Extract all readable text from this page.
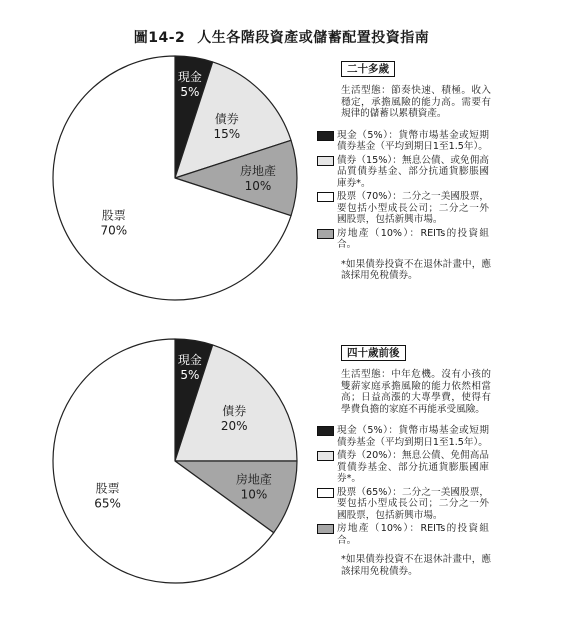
圖14-2 人生各階段資產或儲蓄配置投資指南
現金
5%
債券
15%
房地產
10%
股票
70%
現金
5%
債券
20%
房地產
10%
股票
65%
二十多歲
生活型態：節奏快速、積極。收入穩定，承擔風險的能力高。需要有規律的儲蓄以累積資產。
現金（5%）：貨幣市場基金或短期債券基金（平均到期日1至1.5年）。
債券（15%）：無息公債、或免佣高品質債券基金、部分抗通貨膨脹國庫券*。
股票（70%）：二分之一美國股票，要包括小型成長公司；二分之一外國股票，包括新興市場。
房地產（10%）：REITs的投資組合。
*如果債券投資不在退休計畫中，應該採用免稅債券。
四十歲前後
生活型態：中年危機。沒有小孩的雙薪家庭承擔風險的能力依然相當高；日益高漲的大專學費，使得有學費負擔的家庭不再能承受風險。
現金（5%）：貨幣市場基金或短期債券基金（平均到期日1至1.5年）。
債券（20%）：無息公債、免佣高品質債券基金、部分抗通貨膨脹國庫券*。
股票（65%）：二分之一美國股票，要包括小型成長公司；二分之一外國股票，包括新興市場。
房地產（10%）：REITs的投資組合。
*如果債券投資不在退休計畫中，應該採用免稅債券。
